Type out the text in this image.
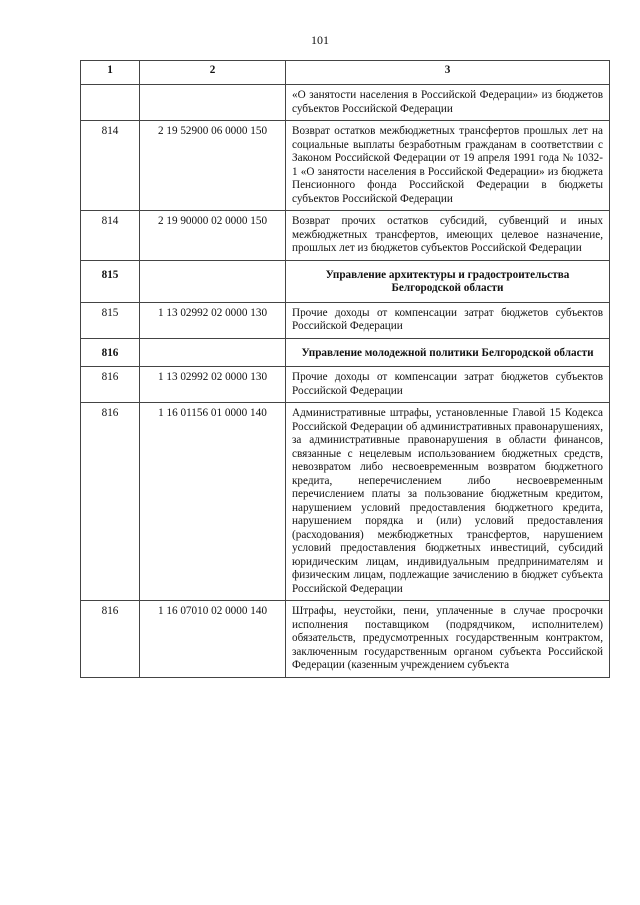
101
1	2	3
		«О занятости населения в Российской Федерации» из бюджетов субъектов Российской Федерации
814	2 19 52900 06 0000 150	Возврат остатков межбюджетных трансфертов прошлых лет на социальные выплаты безработным гражданам в соответствии с Законом Российской Федерации от 19 апреля 1991 года № 1032-1 «О занятости населения в Российской Федерации» из бюджета Пенсионного фонда Российской Федерации в бюджеты субъектов Российской Федерации
814	2 19 90000 02 0000 150	Возврат прочих остатков субсидий, субвенций и иных межбюджетных трансфертов, имеющих целевое назначение, прошлых лет из бюджетов субъектов Российской Федерации
815		Управление архитектуры и градостроительства Белгородской области
815	1 13 02992 02 0000 130	Прочие доходы от компенсации затрат бюджетов субъектов Российской Федерации
816		Управление молодежной политики Белгородской области
816	1 13 02992 02 0000 130	Прочие доходы от компенсации затрат бюджетов субъектов Российской Федерации
816	1 16 01156 01 0000 140	Административные штрафы, установленные Главой 15 Кодекса Российской Федерации об административных правонарушениях, за административные правонарушения в области финансов, связанные с нецелевым использованием бюджетных средств, невозвратом либо несвоевременным возвратом бюджетного кредита, неперечислением либо несвоевременным перечислением платы за пользование бюджетным кредитом, нарушением условий предоставления бюджетного кредита, нарушением порядка и (или) условий предоставления (расходования) межбюджетных трансфертов, нарушением условий предоставления бюджетных инвестиций, субсидий юридическим лицам, индивидуальным предпринимателям и физическим лицам, подлежащие зачислению в бюджет субъекта Российской Федерации
816	1 16 07010 02 0000 140	Штрафы, неустойки, пени, уплаченные в случае просрочки исполнения поставщиком (подрядчиком, исполнителем) обязательств, предусмотренных государственным контрактом, заключенным государственным органом субъекта Российской Федерации (казенным учреждением субъекта
